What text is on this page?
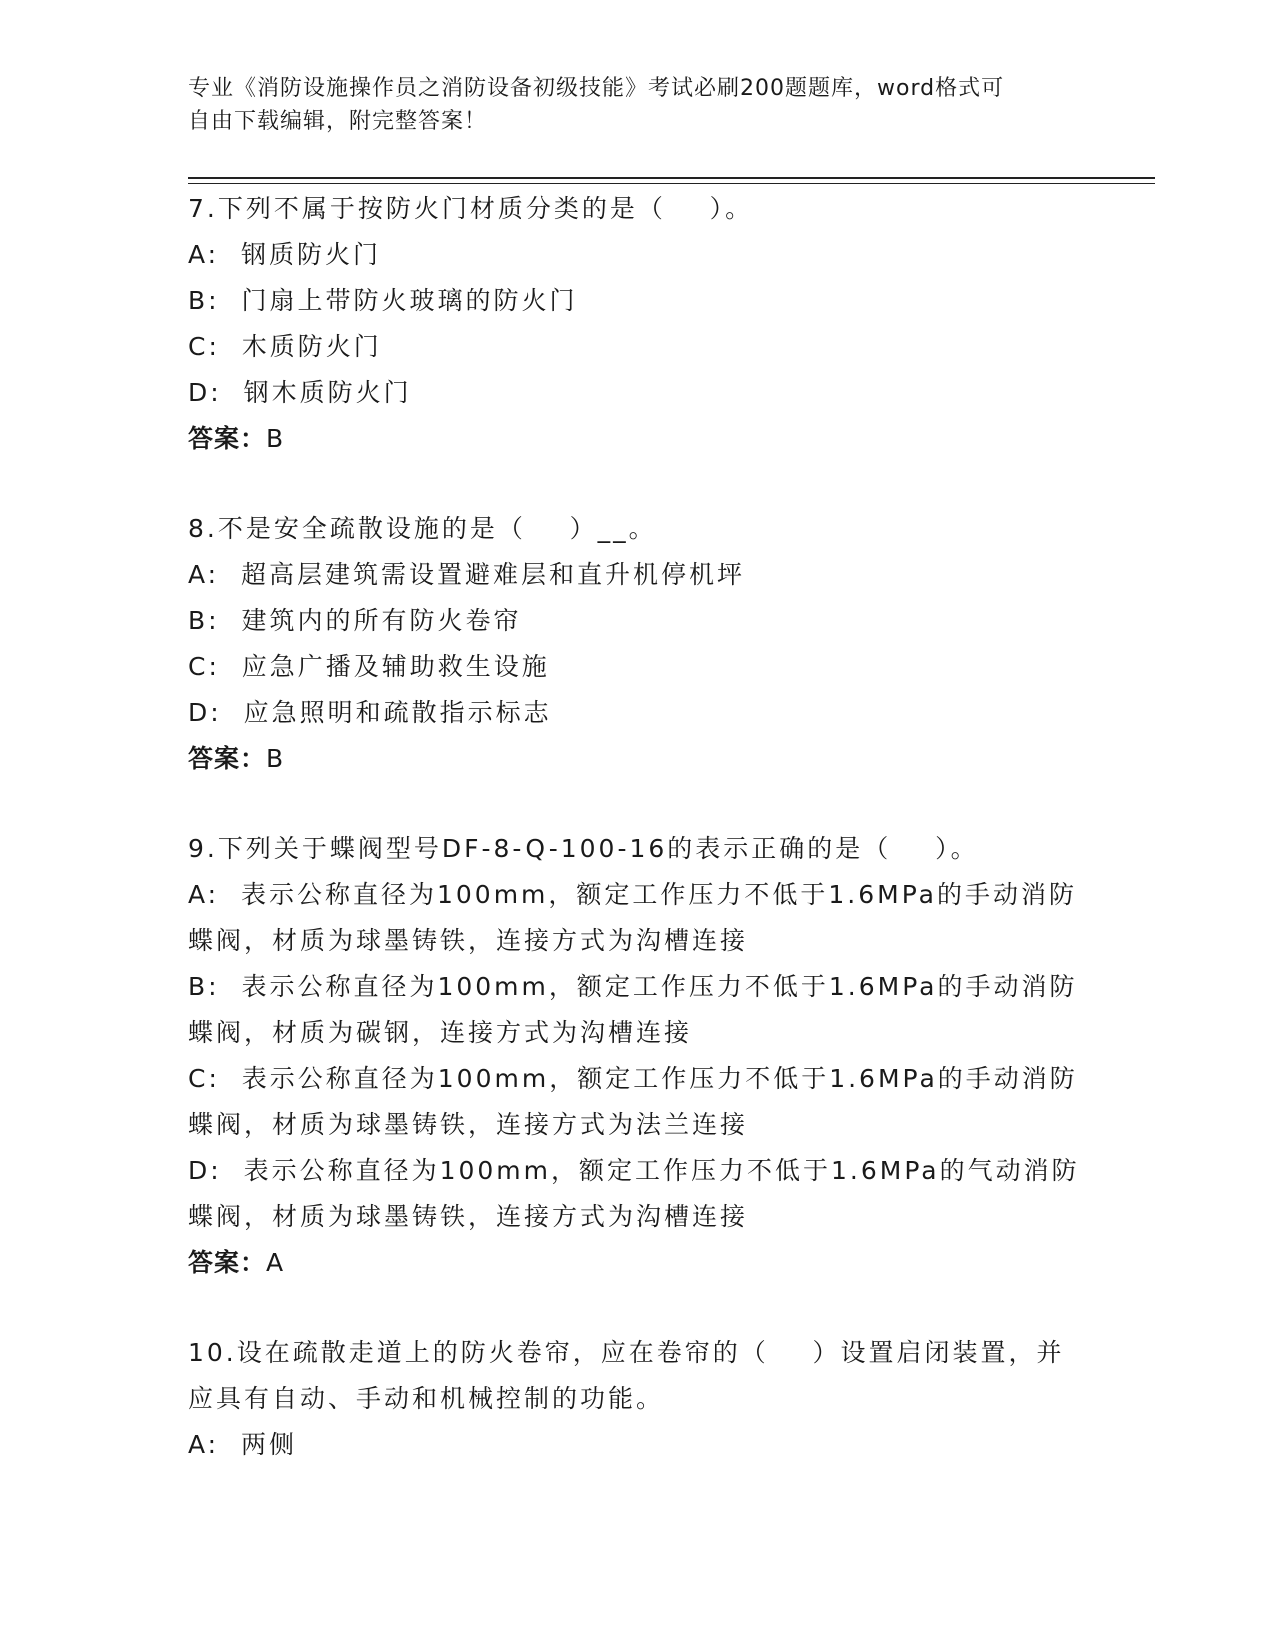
专业《消防设施操作员之消防设备初级技能》考试必刷200题题库，word格式可
自由下载编辑，附完整答案！

7.下列不属于按防火门材质分类的是（    ）。

A:  钢质防火门

B:  门扇上带防火玻璃的防火门

C:  木质防火门

D:  钢木质防火门

答案：B

8.不是安全疏散设施的是（    ）__。

A:  超高层建筑需设置避难层和直升机停机坪

B:  建筑内的所有防火卷帘

C:  应急广播及辅助救生设施

D:  应急照明和疏散指示标志

答案：B

9.下列关于蝶阀型号DF-8-Q-100-16的表示正确的是（    ）。

A:  表示公称直径为100mm，额定工作压力不低于1.6MPa的手动消防蝶阀，材质为球墨铸铁，连接方式为沟槽连接

B:  表示公称直径为100mm，额定工作压力不低于1.6MPa的手动消防蝶阀，材质为碳钢，连接方式为沟槽连接

C:  表示公称直径为100mm，额定工作压力不低于1.6MPa的手动消防蝶阀，材质为球墨铸铁，连接方式为法兰连接

D:  表示公称直径为100mm，额定工作压力不低于1.6MPa的气动消防蝶阀，材质为球墨铸铁，连接方式为沟槽连接

答案：A

10.设在疏散走道上的防火卷帘，应在卷帘的（    ）设置启闭装置，并应具有自动、手动和机械控制的功能。

A:  两侧
